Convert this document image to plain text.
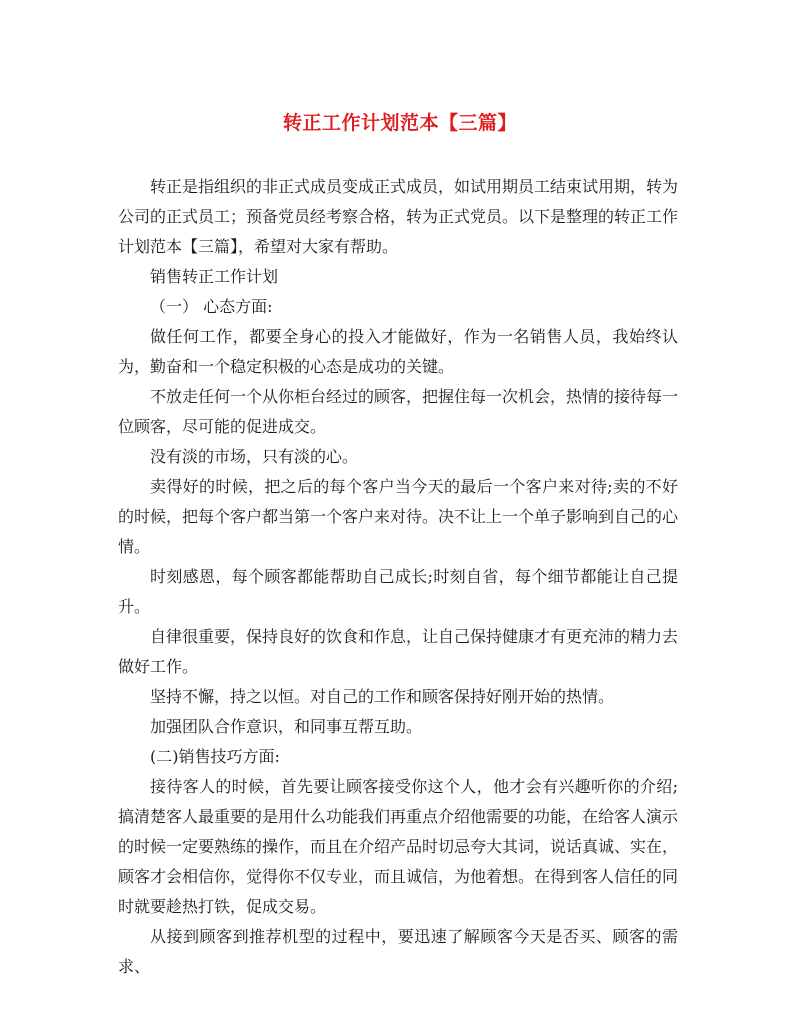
转正工作计划范本【三篇】

转正是指组织的非正式成员变成正式成员，如试用期员工结束试用期，转为公司的正式员工；预备党员经考察合格，转为正式党员。以下是整理的转正工作计划范本【三篇】，希望对大家有帮助。

销售转正工作计划

（一） 心态方面:

做任何工作，都要全身心的投入才能做好，作为一名销售人员，我始终认为，勤奋和一个稳定积极的心态是成功的关键。

不放走任何一个从你柜台经过的顾客，把握住每一次机会，热情的接待每一位顾客，尽可能的促进成交。

没有淡的市场，只有淡的心。

卖得好的时候，把之后的每个客户当今天的最后一个客户来对待;卖的不好的时候，把每个客户都当第一个客户来对待。决不让上一个单子影响到自己的心情。

时刻感恩，每个顾客都能帮助自己成长;时刻自省，每个细节都能让自己提升。

自律很重要，保持良好的饮食和作息，让自己保持健康才有更充沛的精力去做好工作。

坚持不懈，持之以恒。对自己的工作和顾客保持好刚开始的热情。

加强团队合作意识，和同事互帮互助。

(二)销售技巧方面:

接待客人的时候，首先要让顾客接受你这个人，他才会有兴趣听你的介绍;搞清楚客人最重要的是用什么功能我们再重点介绍他需要的功能，在给客人演示的时候一定要熟练的操作，而且在介绍产品时切忌夸大其词，说话真诚、实在，顾客才会相信你，觉得你不仅专业，而且诚信，为他着想。在得到客人信任的同时就要趁热打铁，促成交易。

从接到顾客到推荐机型的过程中，要迅速了解顾客今天是否买、顾客的需求、
